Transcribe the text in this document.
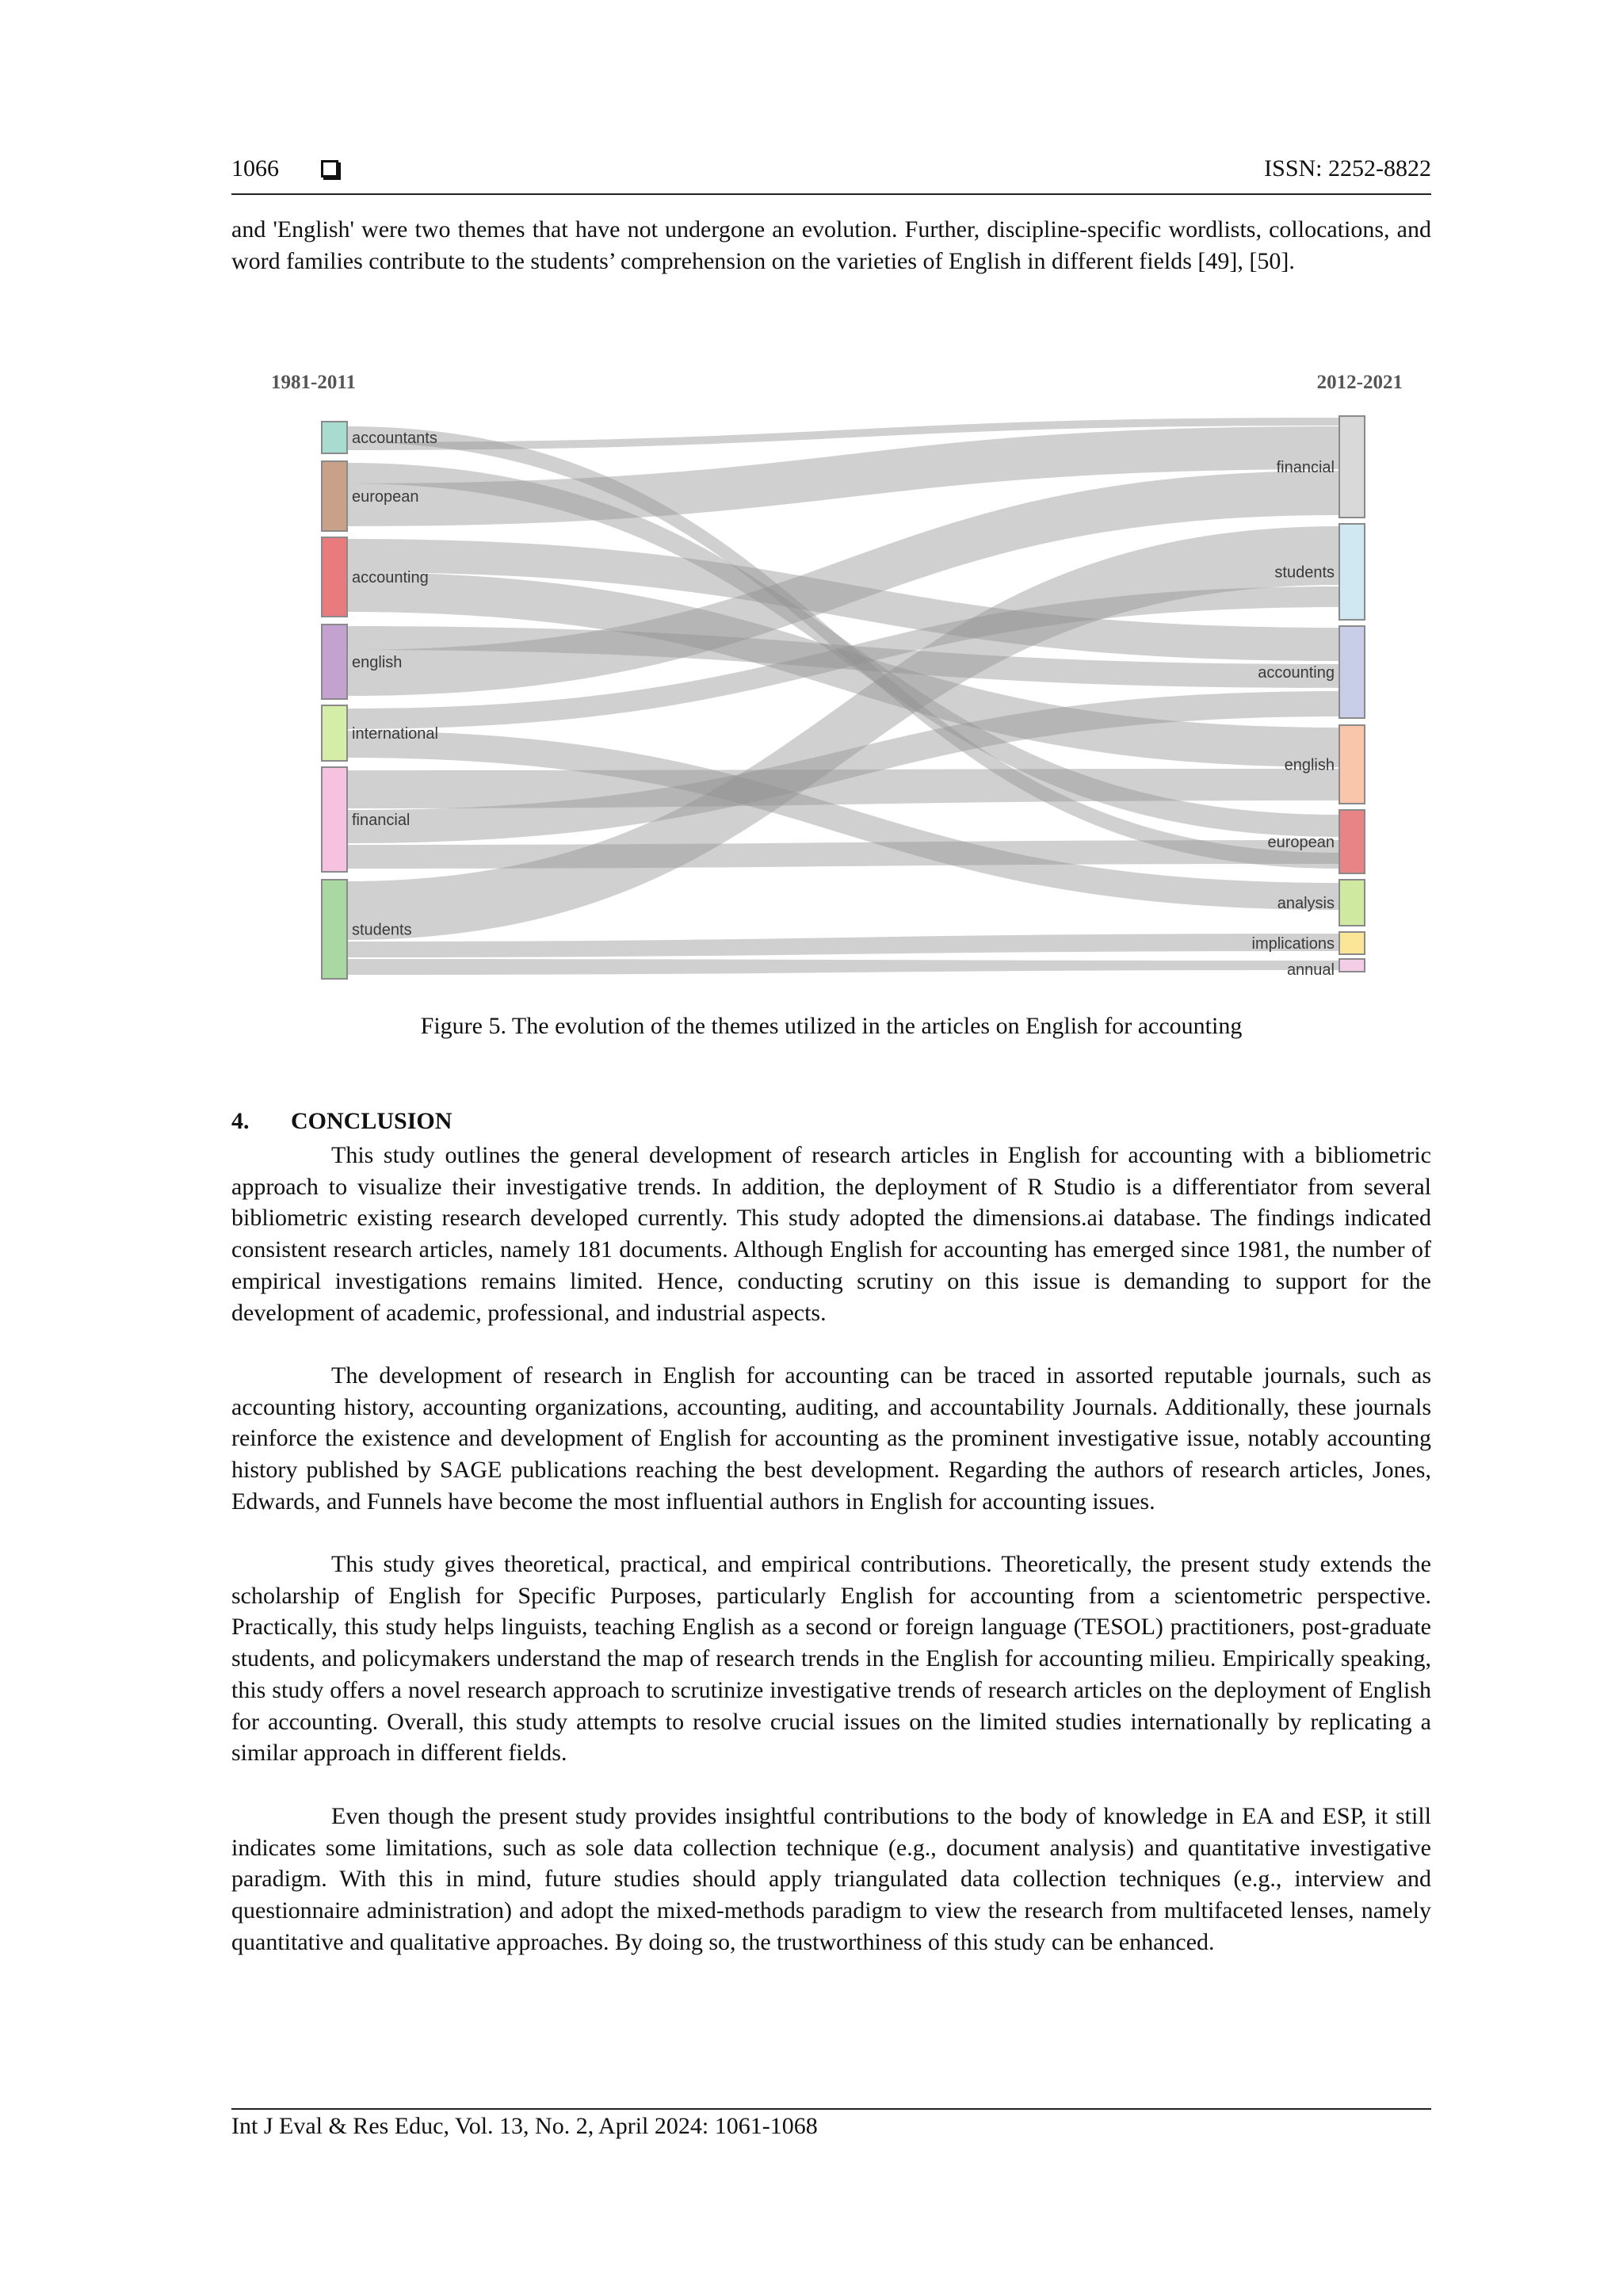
1066	ISSN: 2252-8822

and 'English' were two themes that have not undergone an evolution. Further, discipline-specific wordlists, collocations, and word families contribute to the students’ comprehension on the varieties of English in different fields [49], [50].

accountants
european
accounting
english
international
financial
students
financial
students
accounting
english
european
analysis
implications
annual
1981-2011	2012-2021

Figure 5. The evolution of the themes utilized in the articles on English for accounting

4. CONCLUSION

This study outlines the general development of research articles in English for accounting with a bibliometric approach to visualize their investigative trends. In addition, the deployment of R Studio is a differentiator from several bibliometric existing research developed currently. This study adopted the dimensions.ai database. The findings indicated consistent research articles, namely 181 documents. Although English for accounting has emerged since 1981, the number of empirical investigations remains limited. Hence, conducting scrutiny on this issue is demanding to support for the development of academic, professional, and industrial aspects.

The development of research in English for accounting can be traced in assorted reputable journals, such as accounting history, accounting organizations, accounting, auditing, and accountability Journals. Additionally, these journals reinforce the existence and development of English for accounting as the prominent investigative issue, notably accounting history published by SAGE publications reaching the best development. Regarding the authors of research articles, Jones, Edwards, and Funnels have become the most influential authors in English for accounting issues.

This study gives theoretical, practical, and empirical contributions. Theoretically, the present study extends the scholarship of English for Specific Purposes, particularly English for accounting from a scientometric perspective. Practically, this study helps linguists, teaching English as a second or foreign language (TESOL) practitioners, post-graduate students, and policymakers understand the map of research trends in the English for accounting milieu. Empirically speaking, this study offers a novel research approach to scrutinize investigative trends of research articles on the deployment of English for accounting. Overall, this study attempts to resolve crucial issues on the limited studies internationally by replicating a similar approach in different fields.

Even though the present study provides insightful contributions to the body of knowledge in EA and ESP, it still indicates some limitations, such as sole data collection technique (e.g., document analysis) and quantitative investigative paradigm. With this in mind, future studies should apply triangulated data collection techniques (e.g., interview and questionnaire administration) and adopt the mixed-methods paradigm to view the research from multifaceted lenses, namely quantitative and qualitative approaches. By doing so, the trustworthiness of this study can be enhanced.

Int J Eval & Res Educ, Vol. 13, No. 2, April 2024: 1061-1068
